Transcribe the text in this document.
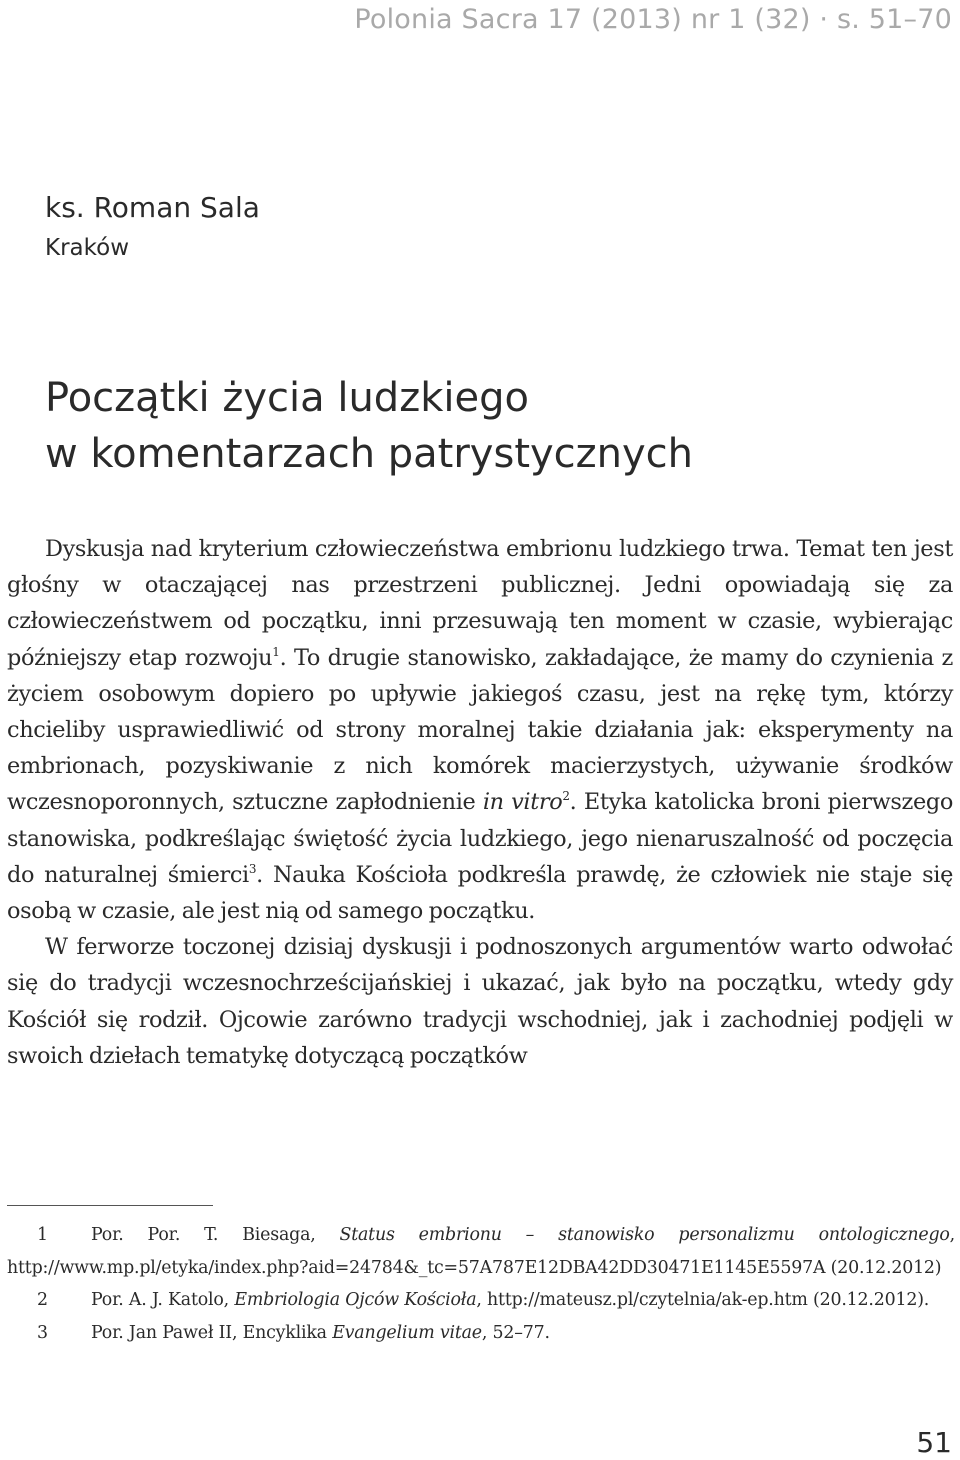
Polonia Sacra 17 (2013) nr 1 (32) · s. 51–70
ks. Roman Sala
Kraków
Początki życia ludzkiego
w komentarzach patrystycznych

Dyskusja nad kryterium człowieczeństwa embrionu ludzkiego trwa. Temat ten jest głośny w otaczającej nas przestrzeni publicznej. Jedni opowiadają się za człowieczeństwem od początku, inni przesuwają ten moment w czasie, wybierając późniejszy etap rozwoju$^1$. To drugie stanowisko, zakładające, że mamy do czynienia z życiem osobowym dopiero po upływie jakiegoś czasu, jest na rękę tym, którzy chcieliby usprawiedliwić od strony moralnej takie działania jak: eksperymenty na embrionach, pozyskiwanie z nich komórek macierzystych, używanie środków wczesnoporonnych, sztuczne zapłodnienie in vitro$^2$. Etyka katolicka broni pierwszego stanowiska, podkreślając świętość życia ludzkiego, jego nienaruszalność od poczęcia do naturalnej śmierci$^3$. Nauka Kościoła podkreśla prawdę, że człowiek nie staje się osobą w czasie, ale jest nią od samego początku.

W ferworze toczonej dzisiaj dyskusji i podnoszonych argumentów warto odwołać się do tradycji wczesnochrześcijańskiej i ukazać, jak było na początku, wtedy gdy Kościół się rodził. Ojcowie zarówno tradycji wschodniej, jak i zachodniej podjęli w swoich dziełach tematykę dotyczącą początków

1 Por. Por. T. Biesaga, Status embrionu – stanowisko personalizmu ontologicznego, http://www.mp.pl/etyka/index.php?aid=24784&_tc=57A787E12DBA42DD30471E1145E5597A (20.12.2012)

2 Por. A. J. Katolo, Embriologia Ojców Kościoła, http://mateusz.pl/czytelnia/ak-ep.htm (20.12.2012).

3 Por. Jan Paweł II, Encyklika Evangelium vitae, 52–77.

51
